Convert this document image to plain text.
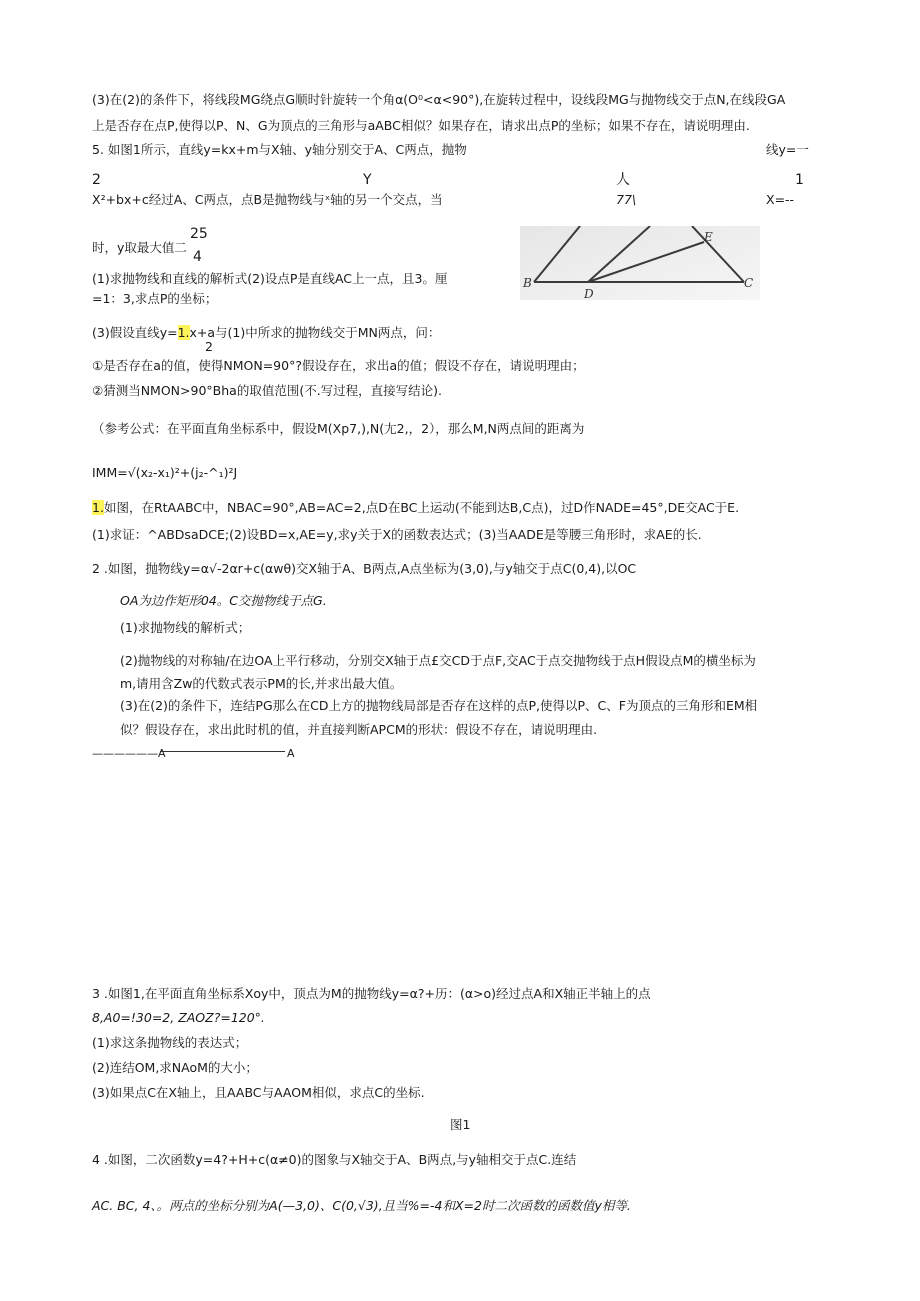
(3)在(2)的条件下，将线段MG绕点G顺时针旋转一个角α(O⁰<α<90°),在旋转过程中，设线段MG与抛物线交于点N,在线段GA
上是否存在点P,使得以P、N、G为顶点的三角形与aABC相似？如果存在，请求出点P的坐标；如果不存在，请说明理由.
5. 如图1所示，直线y=kx+m与X轴、y轴分别交于A、C两点，抛物	线y=一
2	Y	人	1
X²+bx+c经过A、C两点，点B是抛物线与ˣ轴的另一个交点，当	77\	X=--
时，y取最大值二
25
4
(1)求抛物线和直线的解析式(2)设点P是直线AC上一点，且3。厘
=1：3,求点P的坐标；
(3)假设直线y=1.x+a与(1)中所求的抛物线交于MN两点，问：
2
①是否存在a的值，使得NMON=90°?假设存在，求出a的值；假设不存在，请说明理由；
②猜测当NMON>90°Bha的取值范围(不.写过程，直接写结论).
（参考公式：在平面直角坐标系中，假设M(Xp7,),N(尢2,，2），那么M,N两点间的距离为
IMM=√(x₂-x₁)²+(j₂-^₁)²J
1.如图，在RtAABC中，NBAC=90°,AB=AC=2,点D在BC上运动(不能到达B,C点)，过D作NADE=45°,DE交AC于E.
(1)求证：^ABDsaDCE;(2)设BD=x,AE=y,求y关于X的函数表达式；(3)当AADE是等腰三角形时，求AE的长.
2 .如图，抛物线y=α√-2αr+c(αwθ)交X轴于A、B两点,A点坐标为(3,0),与y轴交于点C(0,4),以OC
OA为边作矩形04。C交抛物线于点G.
(1)求抛物线的解析式；
(2)抛物线的对称轴/在边OA上平行移动，分别交X轴于点£交CD于点F,交AC于点交抛物线于点H假设点M的横坐标为
m,请用含Zw的代数式表示PM的长,并求出最大值。
(3)在(2)的条件下，连结PG那么在CD上方的抛物线局部是否存在这样的点P,使得以P、C、F为顶点的三角形和EM相
似？假设存在，求出此时机的值，并直接判断APCM的形状：假设不存在，请说明理由.
——————A	A
3 .如图1,在平面直角坐标系Xoy中，顶点为M的抛物线y=α?+历：(α>o)经过点A和X轴正半轴上的点
8,A0=!30=2, ZAOZ?=120°.
(1)求这条抛物线的表达式；
(2)连结OM,求NAoM的大小；
(3)如果点C在X轴上，且AABC与AAOM相似，求点C的坐标.
图1
4 .如图，二次函数y=4?+H+c(α≠0)的图象与X轴交于A、B两点,与y轴相交于点C.连结
AC. BC, 4、。两点的坐标分别为A(—3,0)、C(0,√3),且当%=-4和X=2时二次函数的函数值y相等.
B
D
E
C
